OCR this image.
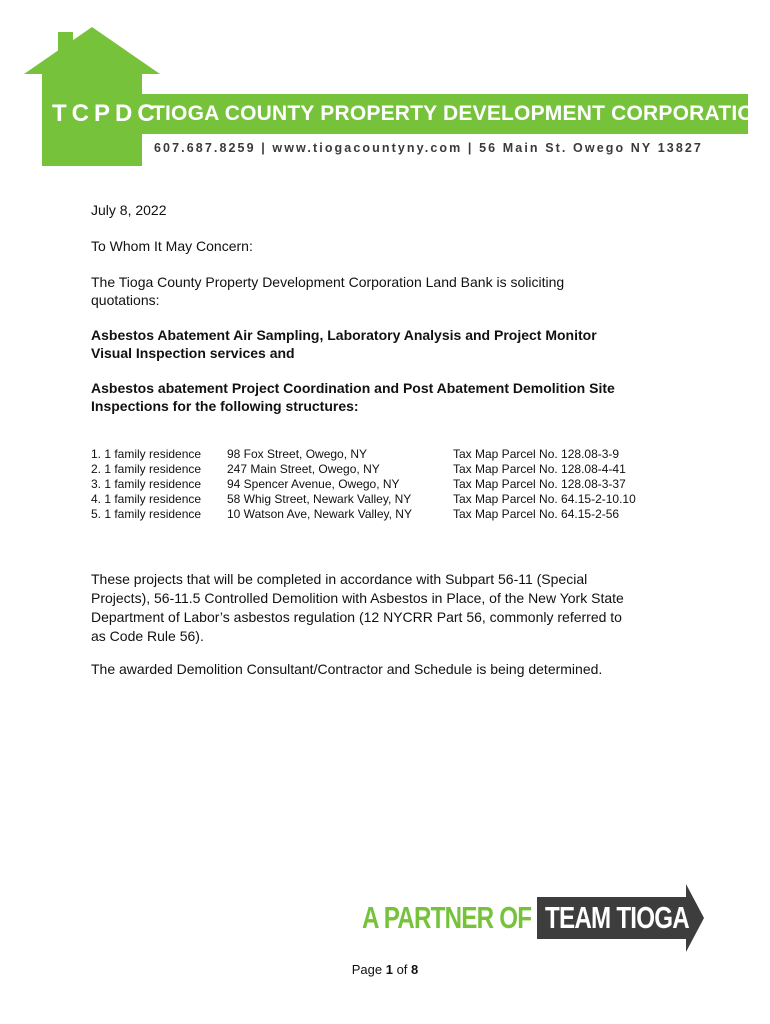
TCPDC
TIOGA COUNTY PROPERTY DEVELOPMENT CORPORATION
607.687.8259 | www.tiogacountyny.com | 56 Main St. Owego NY 13827
July 8, 2022
To Whom It May Concern:
The Tioga County Property Development Corporation Land Bank is soliciting
quotations:
Asbestos Abatement Air Sampling, Laboratory Analysis and Project Monitor
Visual Inspection services and
Asbestos abatement Project Coordination and Post Abatement Demolition Site
Inspections for the following structures:
1. 1 family residence
2. 1 family residence
3. 1 family residence
4. 1 family residence
5. 1 family residence
98 Fox Street, Owego, NY
247 Main Street, Owego, NY
94 Spencer Avenue, Owego, NY
58 Whig Street, Newark Valley, NY
10 Watson Ave, Newark Valley, NY
Tax Map Parcel No. 128.08-3-9
Tax Map Parcel No. 128.08-4-41
Tax Map Parcel No. 128.08-3-37
Tax Map Parcel No. 64.15-2-10.10
Tax Map Parcel No. 64.15-2-56
These projects that will be completed in accordance with Subpart 56-11 (Special
Projects), 56-11.5 Controlled Demolition with Asbestos in Place, of the New York State
Department of Labor’s asbestos regulation (12 NYCRR Part 56, commonly referred to
as Code Rule 56).
The awarded Demolition Consultant/Contractor and Schedule is being determined.
A PARTNER OF TEAM TIOGA
Page 1 of 8
